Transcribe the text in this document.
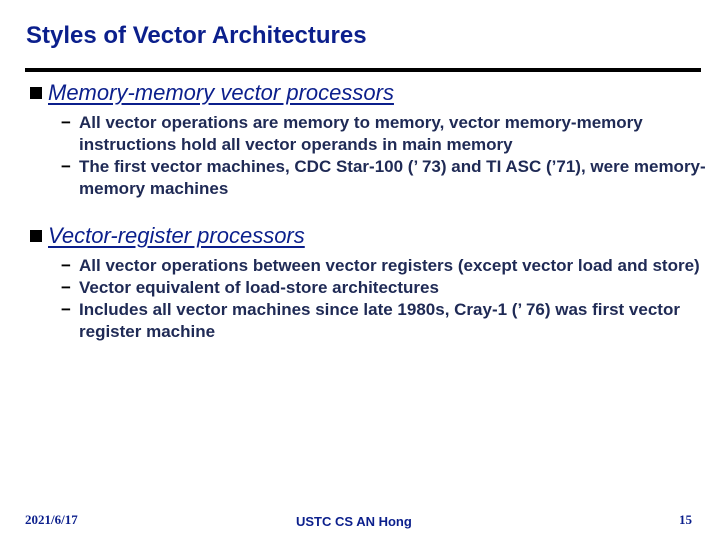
Styles of Vector Architectures
Memory-memory vector processors
− All vector operations are memory to memory, vector memory-memory instructions hold all vector operands in main memory
− The first vector machines, CDC Star-100 (’ 73) and TI ASC (’71), were memory-memory machines
Vector-register processors
− All vector operations between vector registers (except vector load and store)
− Vector equivalent of load-store architectures
− Includes all vector machines since late 1980s, Cray-1 (’ 76) was first vector register machine
2021/6/17	USTC CS AN Hong	15
